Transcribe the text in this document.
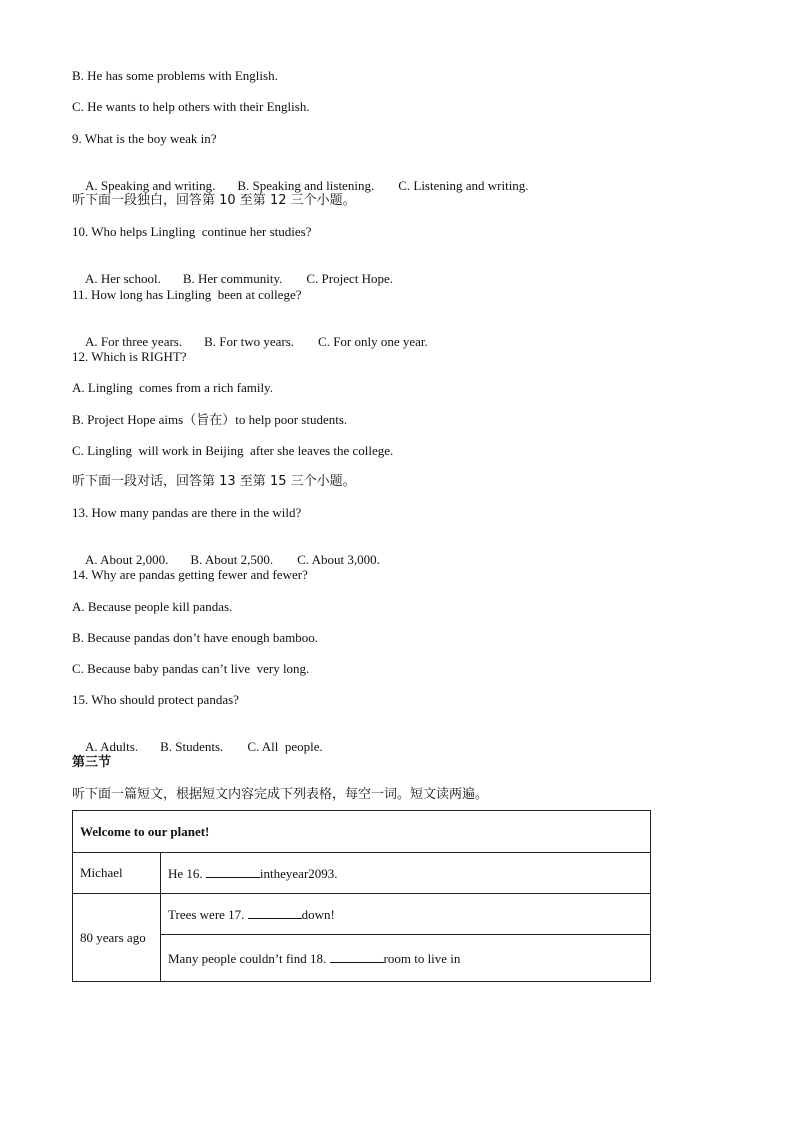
B. He has some problems with English.
C. He wants to help others with their English.
9. What is the boy weak in?

A. Speaking and writing. B. Speaking and listening. C. Listening and writing.

听下面一段独白，回答第 10 至第 12 三个小题。
10. Who helps Lingling  continue her studies?

A. Her school. B. Her community. C. Project Hope.

11. How long has Lingling  been at college?

A. For three years. B. For two years. C. For only one year.

12. Which is RIGHT?
A. Lingling  comes from a rich family.
B. Project Hope aims（旨在）to help poor students.
C. Lingling  will work in Beijing  after she leaves the college.
听下面一段对话，回答第 13 至第 15 三个小题。
13. How many pandas are there in the wild?

A. About 2,000. B. About 2,500. C. About 3,000.

14. Why are pandas getting fewer and fewer?
A. Because people kill pandas.
B. Because pandas don’t have enough bamboo.
C. Because baby pandas can’t live  very long.
15. Who should protect pandas?

A. Adults. B. Students. C. All  people.

第三节
听下面一篇短文，根据短文内容完成下列表格，每空一词。短文读两遍。
Welcome to our planet!	
Michael	He 16. intheyear2093.
80 years ago	Trees were 17. down!
	Many people couldn’t find 18. room to live in
